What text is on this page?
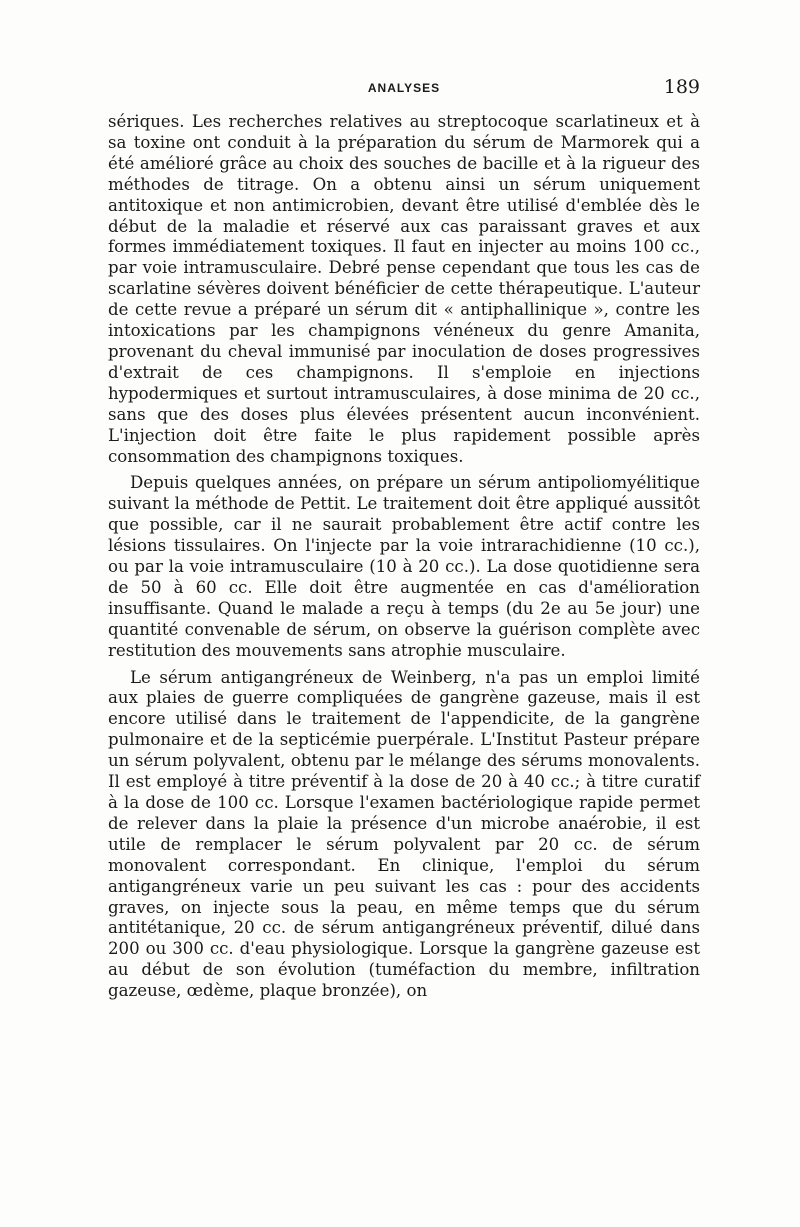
ANALYSES	189

sériques. Les recherches relatives au streptocoque scarlatineux et à sa toxine ont conduit à la préparation du sérum de Marmorek qui a été amélioré grâce au choix des souches de bacille et à la rigueur des méthodes de titrage. On a obtenu ainsi un sérum uniquement antitoxique et non antimicrobien, devant être utilisé d'emblée dès le début de la maladie et réservé aux cas paraissant graves et aux formes immédiatement toxiques. Il faut en injecter au moins 100 cc., par voie intramusculaire. Debré pense cependant que tous les cas de scarlatine sévères doivent bénéficier de cette thérapeutique. L'auteur de cette revue a préparé un sérum dit « antiphallinique », contre les intoxications par les champignons vénéneux du genre Amanita, provenant du cheval immunisé par inoculation de doses progressives d'extrait de ces champignons. Il s'emploie en injections hypodermiques et surtout intramusculaires, à dose minima de 20 cc., sans que des doses plus élevées présentent aucun inconvénient. L'injection doit être faite le plus rapidement possible après consommation des champignons toxiques.

Depuis quelques années, on prépare un sérum antipoliomyélitique suivant la méthode de Pettit. Le traitement doit être appliqué aussitôt que possible, car il ne saurait probablement être actif contre les lésions tissulaires. On l'injecte par la voie intrarachidienne (10 cc.), ou par la voie intramusculaire (10 à 20 cc.). La dose quotidienne sera de 50 à 60 cc. Elle doit être augmentée en cas d'amélioration insuffisante. Quand le malade a reçu à temps (du 2e au 5e jour) une quantité convenable de sérum, on observe la guérison complète avec restitution des mouvements sans atrophie musculaire.

Le sérum antigangréneux de Weinberg, n'a pas un emploi limité aux plaies de guerre compliquées de gangrène gazeuse, mais il est encore utilisé dans le traitement de l'appendicite, de la gangrène pulmonaire et de la septicémie puerpérale. L'Institut Pasteur prépare un sérum polyvalent, obtenu par le mélange des sérums monovalents. Il est employé à titre préventif à la dose de 20 à 40 cc.; à titre curatif à la dose de 100 cc. Lorsque l'examen bactériologique rapide permet de relever dans la plaie la présence d'un microbe anaérobie, il est utile de remplacer le sérum polyvalent par 20 cc. de sérum monovalent correspondant. En clinique, l'emploi du sérum antigangréneux varie un peu suivant les cas : pour des accidents graves, on injecte sous la peau, en même temps que du sérum antitétanique, 20 cc. de sérum antigangréneux préventif, dilué dans 200 ou 300 cc. d'eau physiologique. Lorsque la gangrène gazeuse est au début de son évolution (tuméfaction du membre, infiltration gazeuse, œdème, plaque bronzée), on
